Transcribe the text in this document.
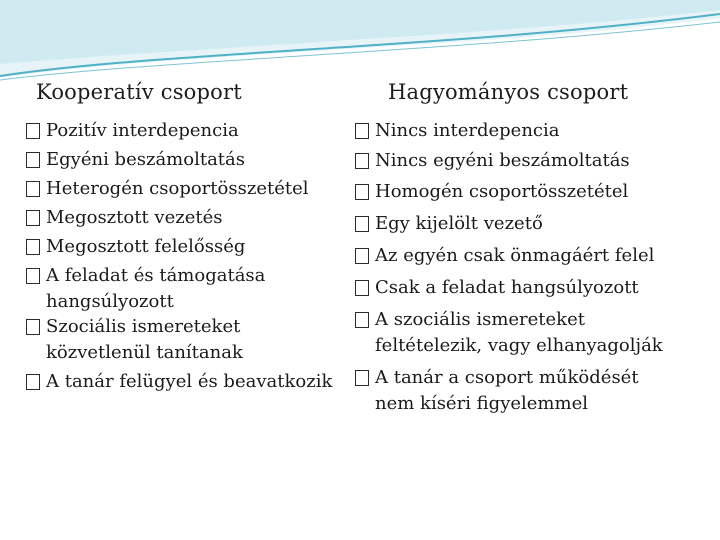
Kooperatív csoport	Hagyományos csoport
Pozitív interdepencia
Egyéni beszámoltatás
Heterogén csoportösszetétel
Megosztott vezetés
Megosztott felelősség
A feladat és támogatása
hangsúlyozott
Szociális ismereteket
közvetlenül tanítanak
A tanár felügyel és beavatkozik
Nincs interdepencia
Nincs egyéni beszámoltatás
Homogén csoportösszetétel
Egy kijelölt vezető
Az egyén csak önmagáért felel
Csak a feladat hangsúlyozott
A szociális ismereteket
feltételezik, vagy elhanyagolják
A tanár a csoport működését
nem kíséri figyelemmel
